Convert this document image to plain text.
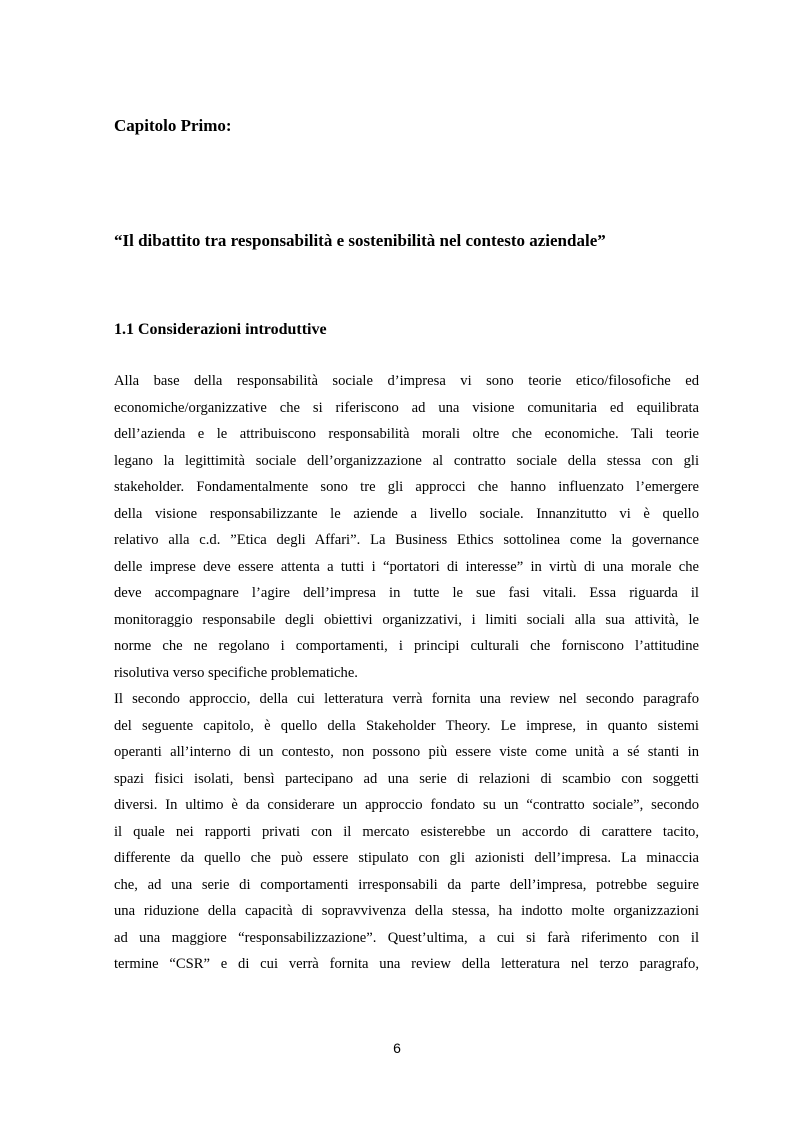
Capitolo Primo:
“Il dibattito tra responsabilità e sostenibilità nel contesto aziendale”
1.1 Considerazioni introduttive
Alla base della responsabilità sociale d’impresa vi sono teorie etico/filosofiche ed
economiche/organizzative che si riferiscono ad una visione comunitaria ed equilibrata
dell’azienda e le attribuiscono responsabilità morali oltre che economiche. Tali teorie
legano la legittimità sociale dell’organizzazione al contratto sociale della stessa con gli
stakeholder. Fondamentalmente sono tre gli approcci che hanno influenzato l’emergere
della visione responsabilizzante le aziende a livello sociale. Innanzitutto vi è quello
relativo alla c.d. ”Etica degli Affari”. La Business Ethics sottolinea come la governance
delle imprese deve essere attenta a tutti i “portatori di interesse” in virtù di una morale che
deve accompagnare l’agire dell’impresa in tutte le sue fasi vitali. Essa riguarda il
monitoraggio responsabile degli obiettivi organizzativi, i limiti sociali alla sua attività, le
norme che ne regolano i comportamenti, i principi culturali che forniscono l’attitudine
risolutiva verso specifiche problematiche.
Il secondo approccio, della cui letteratura verrà fornita una review nel secondo paragrafo
del seguente capitolo, è quello della Stakeholder Theory. Le imprese, in quanto sistemi
operanti all’interno di un contesto, non possono più essere viste come unità a sé stanti in
spazi fisici isolati, bensì partecipano ad una serie di relazioni di scambio con soggetti
diversi. In ultimo è da considerare un approccio fondato su un “contratto sociale”, secondo
il quale nei rapporti privati con il mercato esisterebbe un accordo di carattere tacito,
differente da quello che può essere stipulato con gli azionisti dell’impresa. La minaccia
che, ad una serie di comportamenti irresponsabili da parte dell’impresa, potrebbe seguire
una riduzione della capacità di sopravvivenza della stessa, ha indotto molte organizzazioni
ad una maggiore “responsabilizzazione”. Quest’ultima, a cui si farà riferimento con il
termine “CSR” e di cui verrà fornita una review della letteratura nel terzo paragrafo,

6
